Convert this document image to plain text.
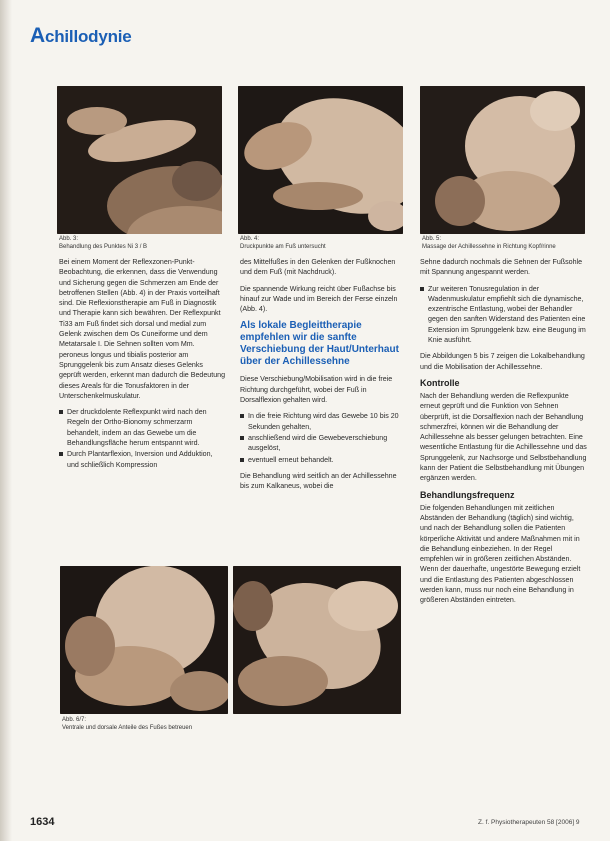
Achillodynie
Abb. 3:
Behandlung des Punktes Ni 3 / B
Abb. 4:
Druckpunkte am Fuß untersucht
Abb. 5:
Massage der Achillessehne in Richtung Kopf/rinne

Bei einem Moment der Reflexzonen-Punkt-Beobachtung, die erkennen, dass die Verwendung und Sicherung gegen die Schmerzen am Ende der betroffenen Stellen (Abb. 4) in der Praxis vorteilhaft sind. Die Reflexionstherapie am Fuß in Diagnostik und Therapie kann sich bewähren. Der Reflexpunkt Ti33 am Fuß findet sich dorsal und medial zum Gelenk zwischen dem Os Cuneiforme und dem Metatarsale I. Die Sehnen sollten vom Mm. peroneus longus und tibialis posterior am Sprunggelenk bis zum Ansatz dieses Gelenks geprüft werden, erkennt man dadurch die Bedeutung dieses Areals für die Tonusfaktoren in der Unterschenkelmuskulatur.

Der druckdolente Reflexpunkt wird nach den Regeln der Ortho-Bionomy schmerzarm behandelt, indem an das Gewebe um die Behandlungsfläche herum entspannt wird.
Durch Plantarflexion, Inversion und Adduktion, und schließlich Kompression

des Mittelfußes in den Gelenken der Fußknochen und dem Fuß (mit Nachdruck).

Die spannende Wirkung reicht über Fußachse bis hinauf zur Wade und im Bereich der Ferse einzeln (Abb. 4).

Als lokale Begleittherapie empfehlen wir die sanfte Verschiebung der Haut/Unterhaut über der Achillessehne

Diese Verschiebung/Mobilisation wird in die freie Richtung durchgeführt, wobei der Fuß in Dorsalflexion gehalten wird.

In die freie Richtung wird das Gewebe 10 bis 20 Sekunden gehalten,
anschließend wird die Gewebeverschiebung ausgelöst,
eventuell erneut behandelt.

Die Behandlung wird seitlich an der Achillessehne bis zum Kalkaneus, wobei die

Sehne dadurch nochmals die Sehnen der Fußsohle mit Spannung angespannt werden.

Zur weiteren Tonusregulation in der Wadenmuskulatur empfiehlt sich die dynamische, exzentrische Entlastung, wobei der Behandler gegen den sanften Widerstand des Patienten eine Extension im Sprunggelenk bzw. eine Beugung im Knie ausführt.

Die Abbildungen 5 bis 7 zeigen die Lokalbehandlung und die Mobilisation der Achillessehne.

Kontrolle

Nach der Behandlung werden die Reflexpunkte erneut geprüft und die Funktion von Sehnen überprüft, ist die Dorsalflexion nach der Behandlung schmerzfrei, können wir die Behandlung der Achillessehne als besser gelungen betrachten. Eine wesentliche Entlastung für die Achillessehne und das Sprunggelenk, zur Nachsorge und Selbstbehandlung kann der Patient die Selbstbehandlung mit Übungen ergänzen werden.

Behandlungsfrequenz

Die folgenden Behandlungen mit zeitlichen Abständen der Behandlung (täglich) sind wichtig, und nach der Behandlung sollen die Patienten körperliche Aktivität und andere Maßnahmen mit in die Behandlung einbeziehen. In der Regel empfehlen wir in größeren zeitlichen Abständen. Wenn der dauerhafte, ungestörte Bewegung erzielt und die Entlastung des Patienten abgeschlossen werden kann, muss nur noch eine Behandlung in größeren Abständen eintreten.

Abb. 6/7:
Ventrale und dorsale Anteile des Fußes betreuen
1634	Z. f. Physiotherapeuten 58 [2006] 9
